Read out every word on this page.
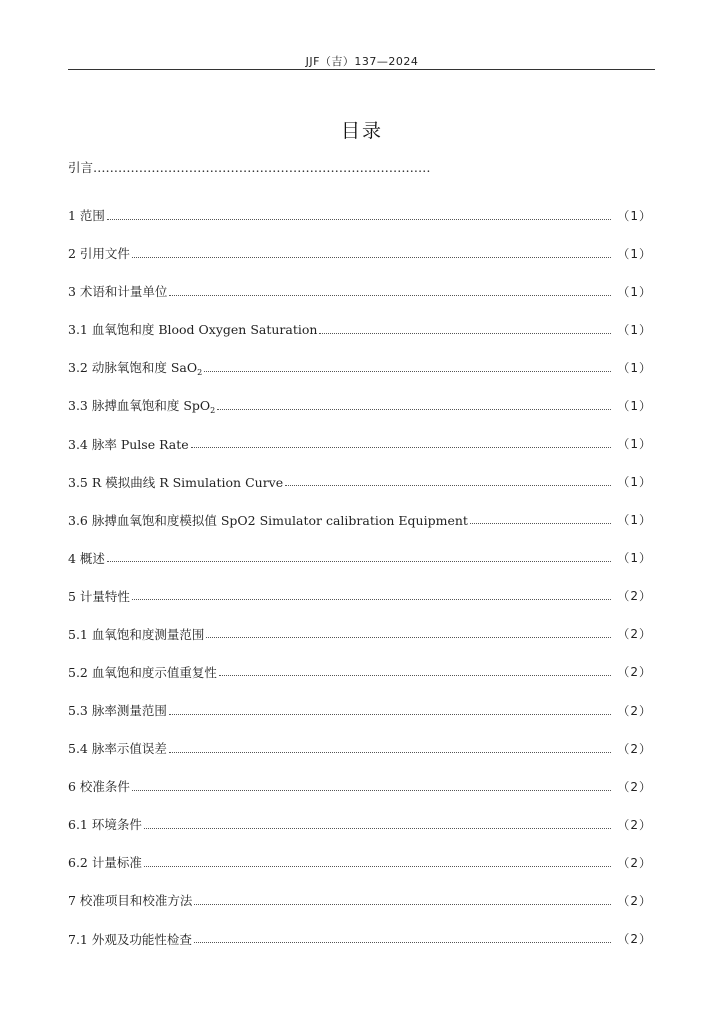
JJF（吉）137—2024
目录
引言………………………………………………………………………
1 范围	（1）
2 引用文件	（1）
3 术语和计量单位	（1）
3.1 血氧饱和度 Blood Oxygen Saturation	（1）
3.2 动脉氧饱和度 SaO$_2$	（1）
3.3 脉搏血氧饱和度 SpO$_2$	（1）
3.4 脉率 Pulse Rate	（1）
3.5 R 模拟曲线 R Simulation Curve	（1）
3.6 脉搏血氧饱和度模拟值 SpO2 Simulator calibration Equipment	（1）
4 概述	（1）
5 计量特性	（2）
5.1 血氧饱和度测量范围	（2）
5.2 血氧饱和度示值重复性	（2）
5.3 脉率测量范围	（2）
5.4 脉率示值误差	（2）
6 校准条件	（2）
6.1 环境条件	（2）
6.2 计量标准	（2）
7 校准项目和校准方法	（2）
7.1 外观及功能性检查	（2）
